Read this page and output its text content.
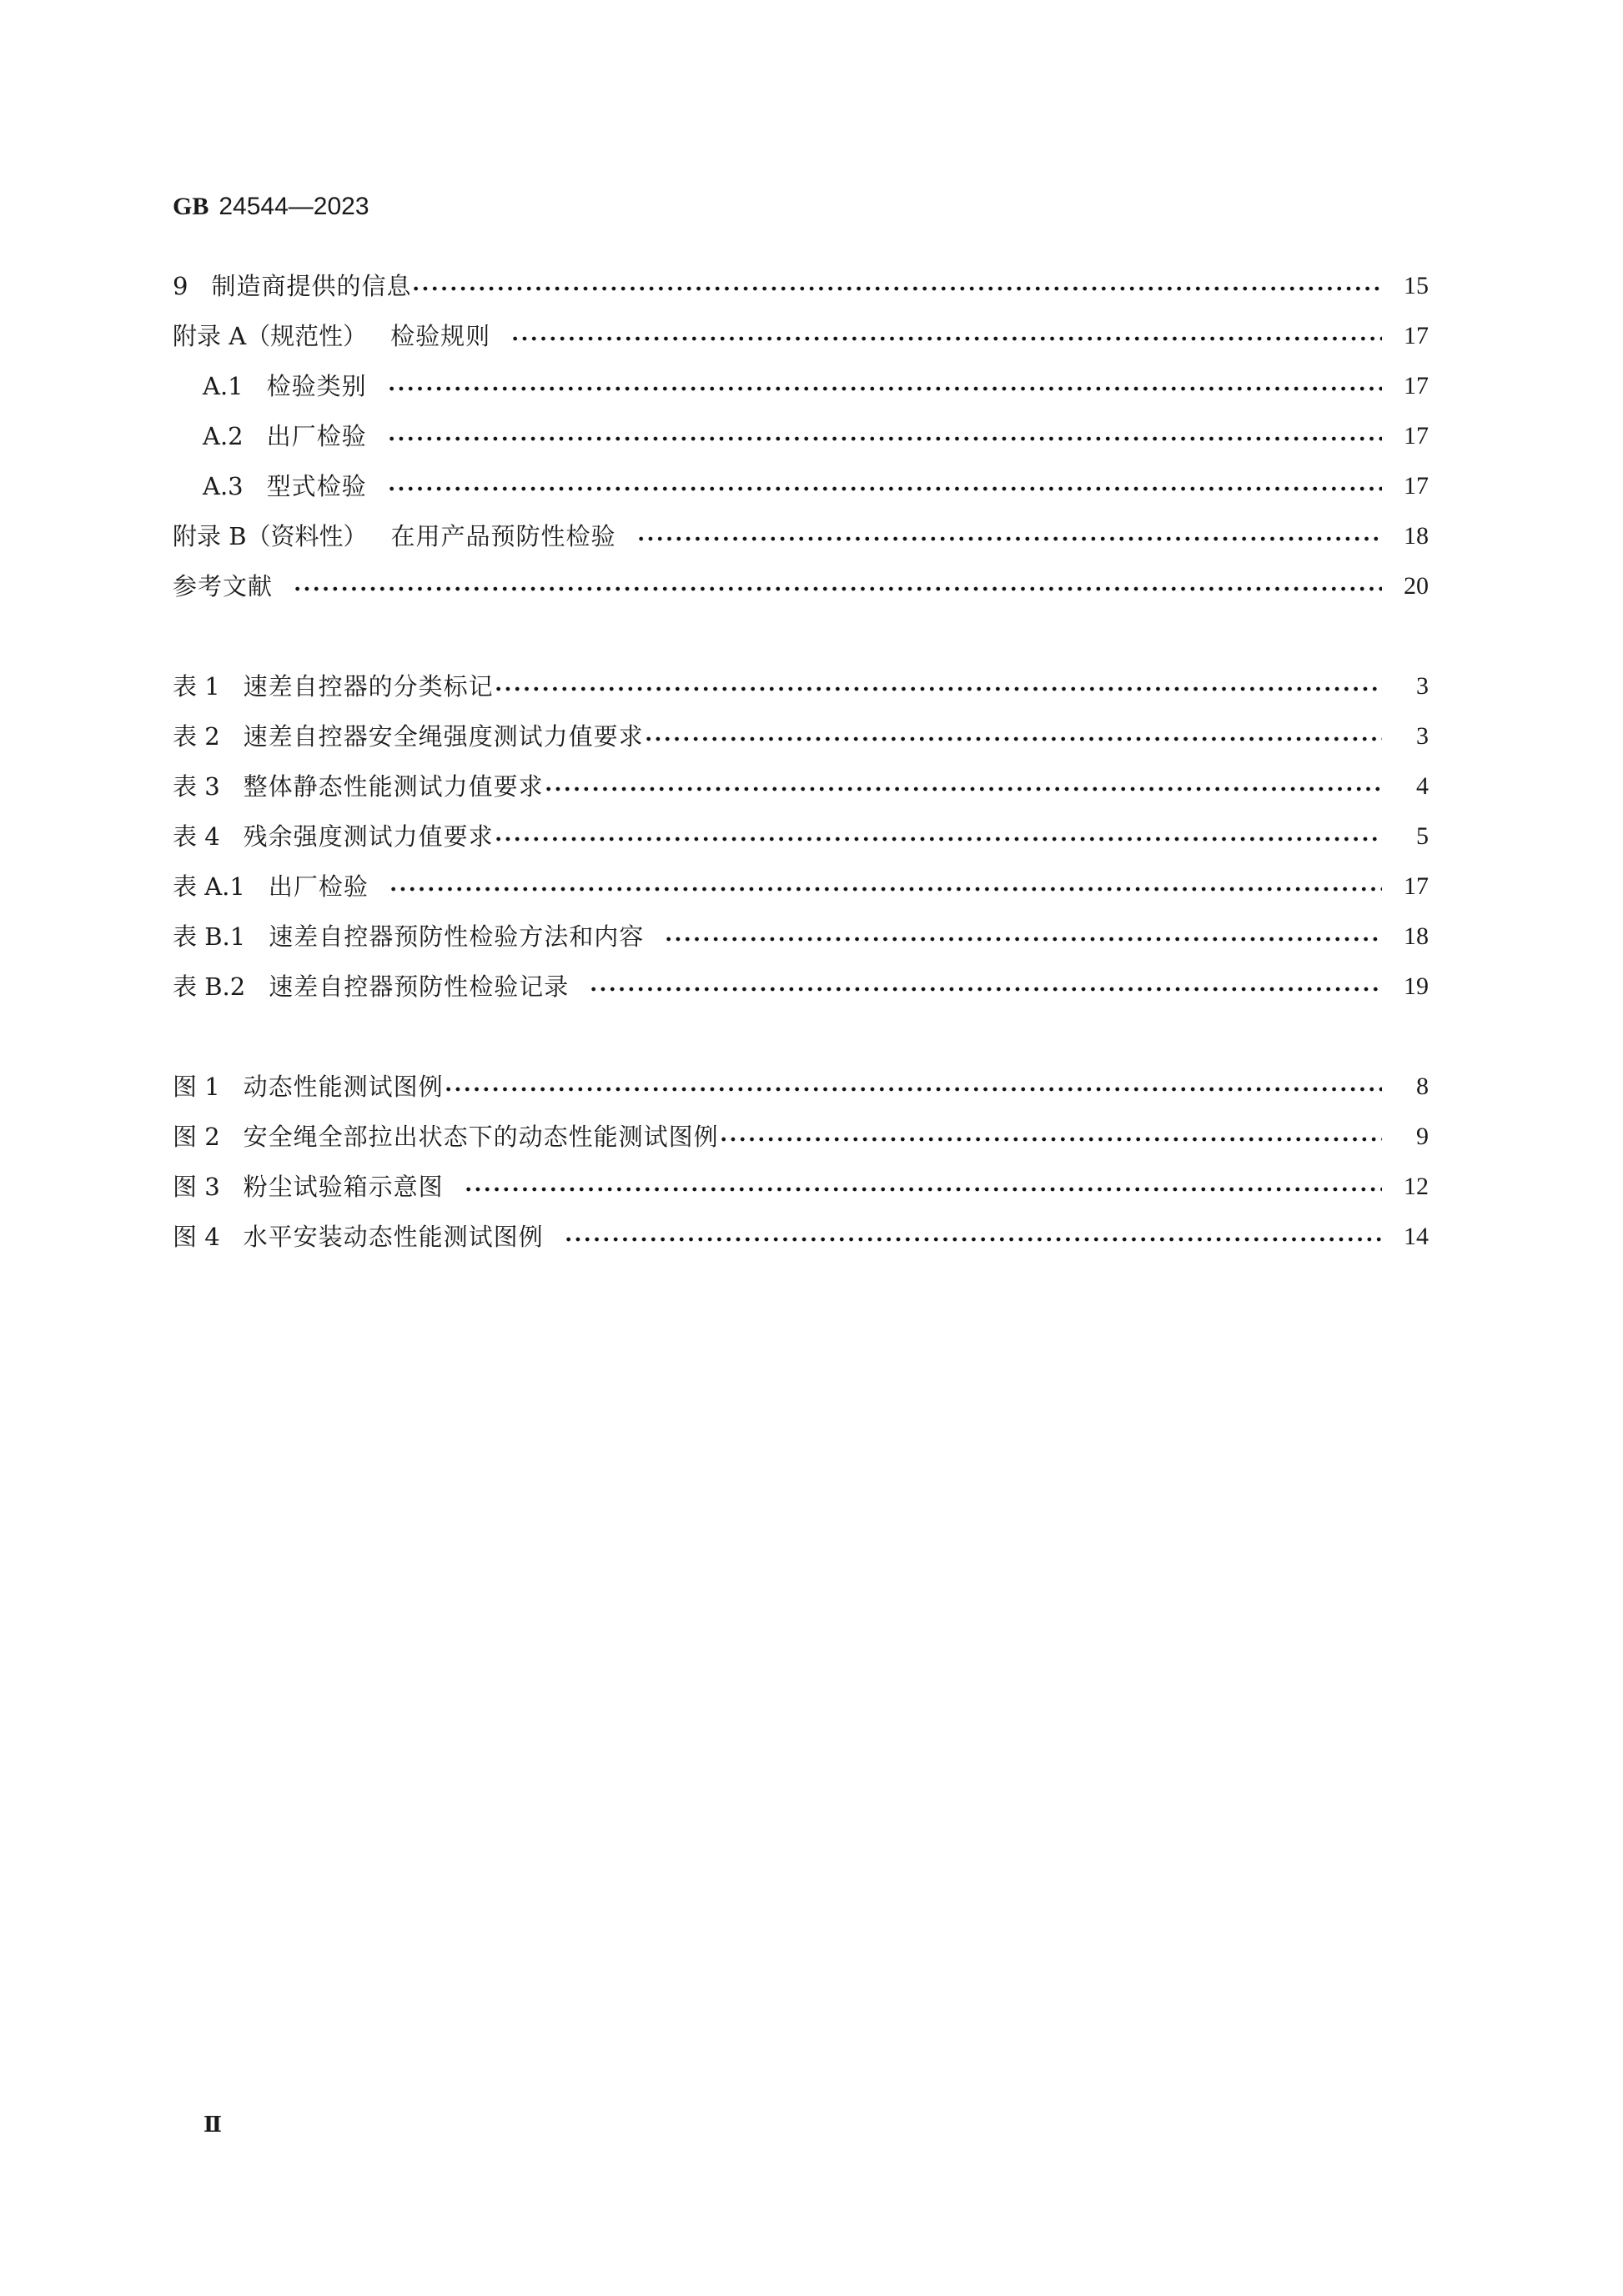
GB 24544—2023
9 制造商提供的信息	15
附录 A（规范性） 检验规则	17
A.1 检验类别	17
A.2 出厂检验	17
A.3 型式检验	17
附录 B（资料性） 在用产品预防性检验	18
参考文献	20
表 1 速差自控器的分类标记	3
表 2 速差自控器安全绳强度测试力值要求	3
表 3 整体静态性能测试力值要求	4
表 4 残余强度测试力值要求	5
表 A.1 出厂检验	17
表 B.1 速差自控器预防性检验方法和内容	18
表 B.2 速差自控器预防性检验记录	19
图 1 动态性能测试图例	8
图 2 安全绳全部拉出状态下的动态性能测试图例	9
图 3 粉尘试验箱示意图	12
图 4 水平安装动态性能测试图例	14
Ⅱ
